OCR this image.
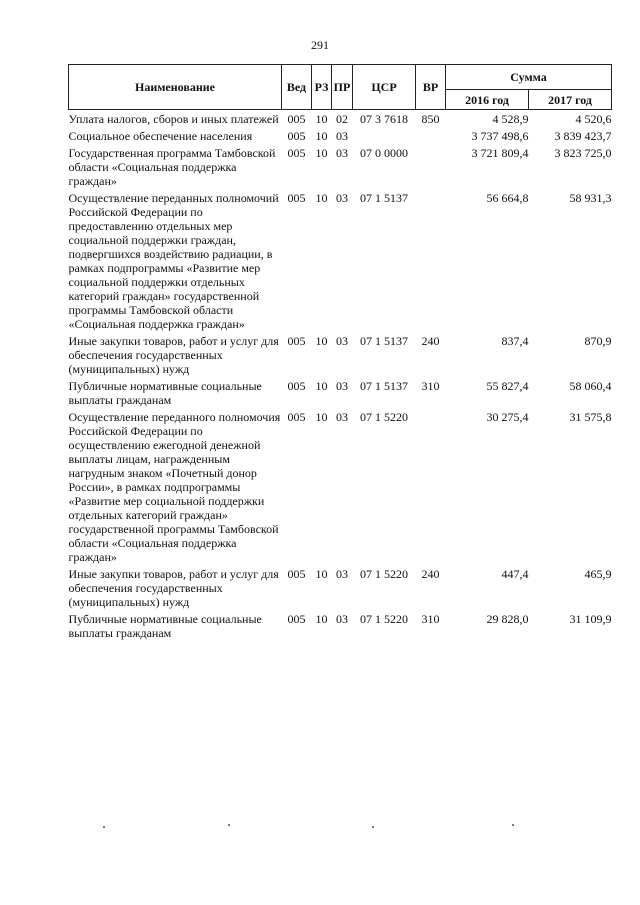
291
Наименование	Вед	РЗ	ПР	ЦСР	ВР	Сумма	
						2016 год	2017 год
Уплата налогов, сборов и иных платежей	005	10	02	07 3 7618	850	4 528,9	4 520,6
Социальное обеспечение населения	005	10	03			3 737 498,6	3 839 423,7
Государственная программа Тамбовской области «Социальная поддержка граждан»	005	10	03	07 0 0000		3 721 809,4	3 823 725,0
Осуществление переданных полномочий Российской Федерации по предоставлению отдельных мер социальной поддержки граждан, подвергшихся воздействию радиации, в рамках подпрограммы «Развитие мер социальной поддержки отдельных категорий граждан» государственной программы Тамбовской области «Социальная поддержка граждан»	005	10	03	07 1 5137		56 664,8	58 931,3
Иные закупки товаров, работ и услуг для обеспечения государственных (муниципальных) нужд	005	10	03	07 1 5137	240	837,4	870,9
Публичные нормативные социальные выплаты гражданам	005	10	03	07 1 5137	310	55 827,4	58 060,4
Осуществление переданного полномочия Российской Федерации по осуществлению ежегодной денежной выплаты лицам, награжденным нагрудным знаком «Почетный донор России», в рамках подпрограммы «Развитие мер социальной поддержки отдельных категорий граждан» государственной программы Тамбовской области «Социальная поддержка граждан»	005	10	03	07 1 5220		30 275,4	31 575,8
Иные закупки товаров, работ и услуг для обеспечения государственных (муниципальных) нужд	005	10	03	07 1 5220	240	447,4	465,9
Публичные нормативные социальные выплаты гражданам	005	10	03	07 1 5220	310	29 828,0	31 109,9
